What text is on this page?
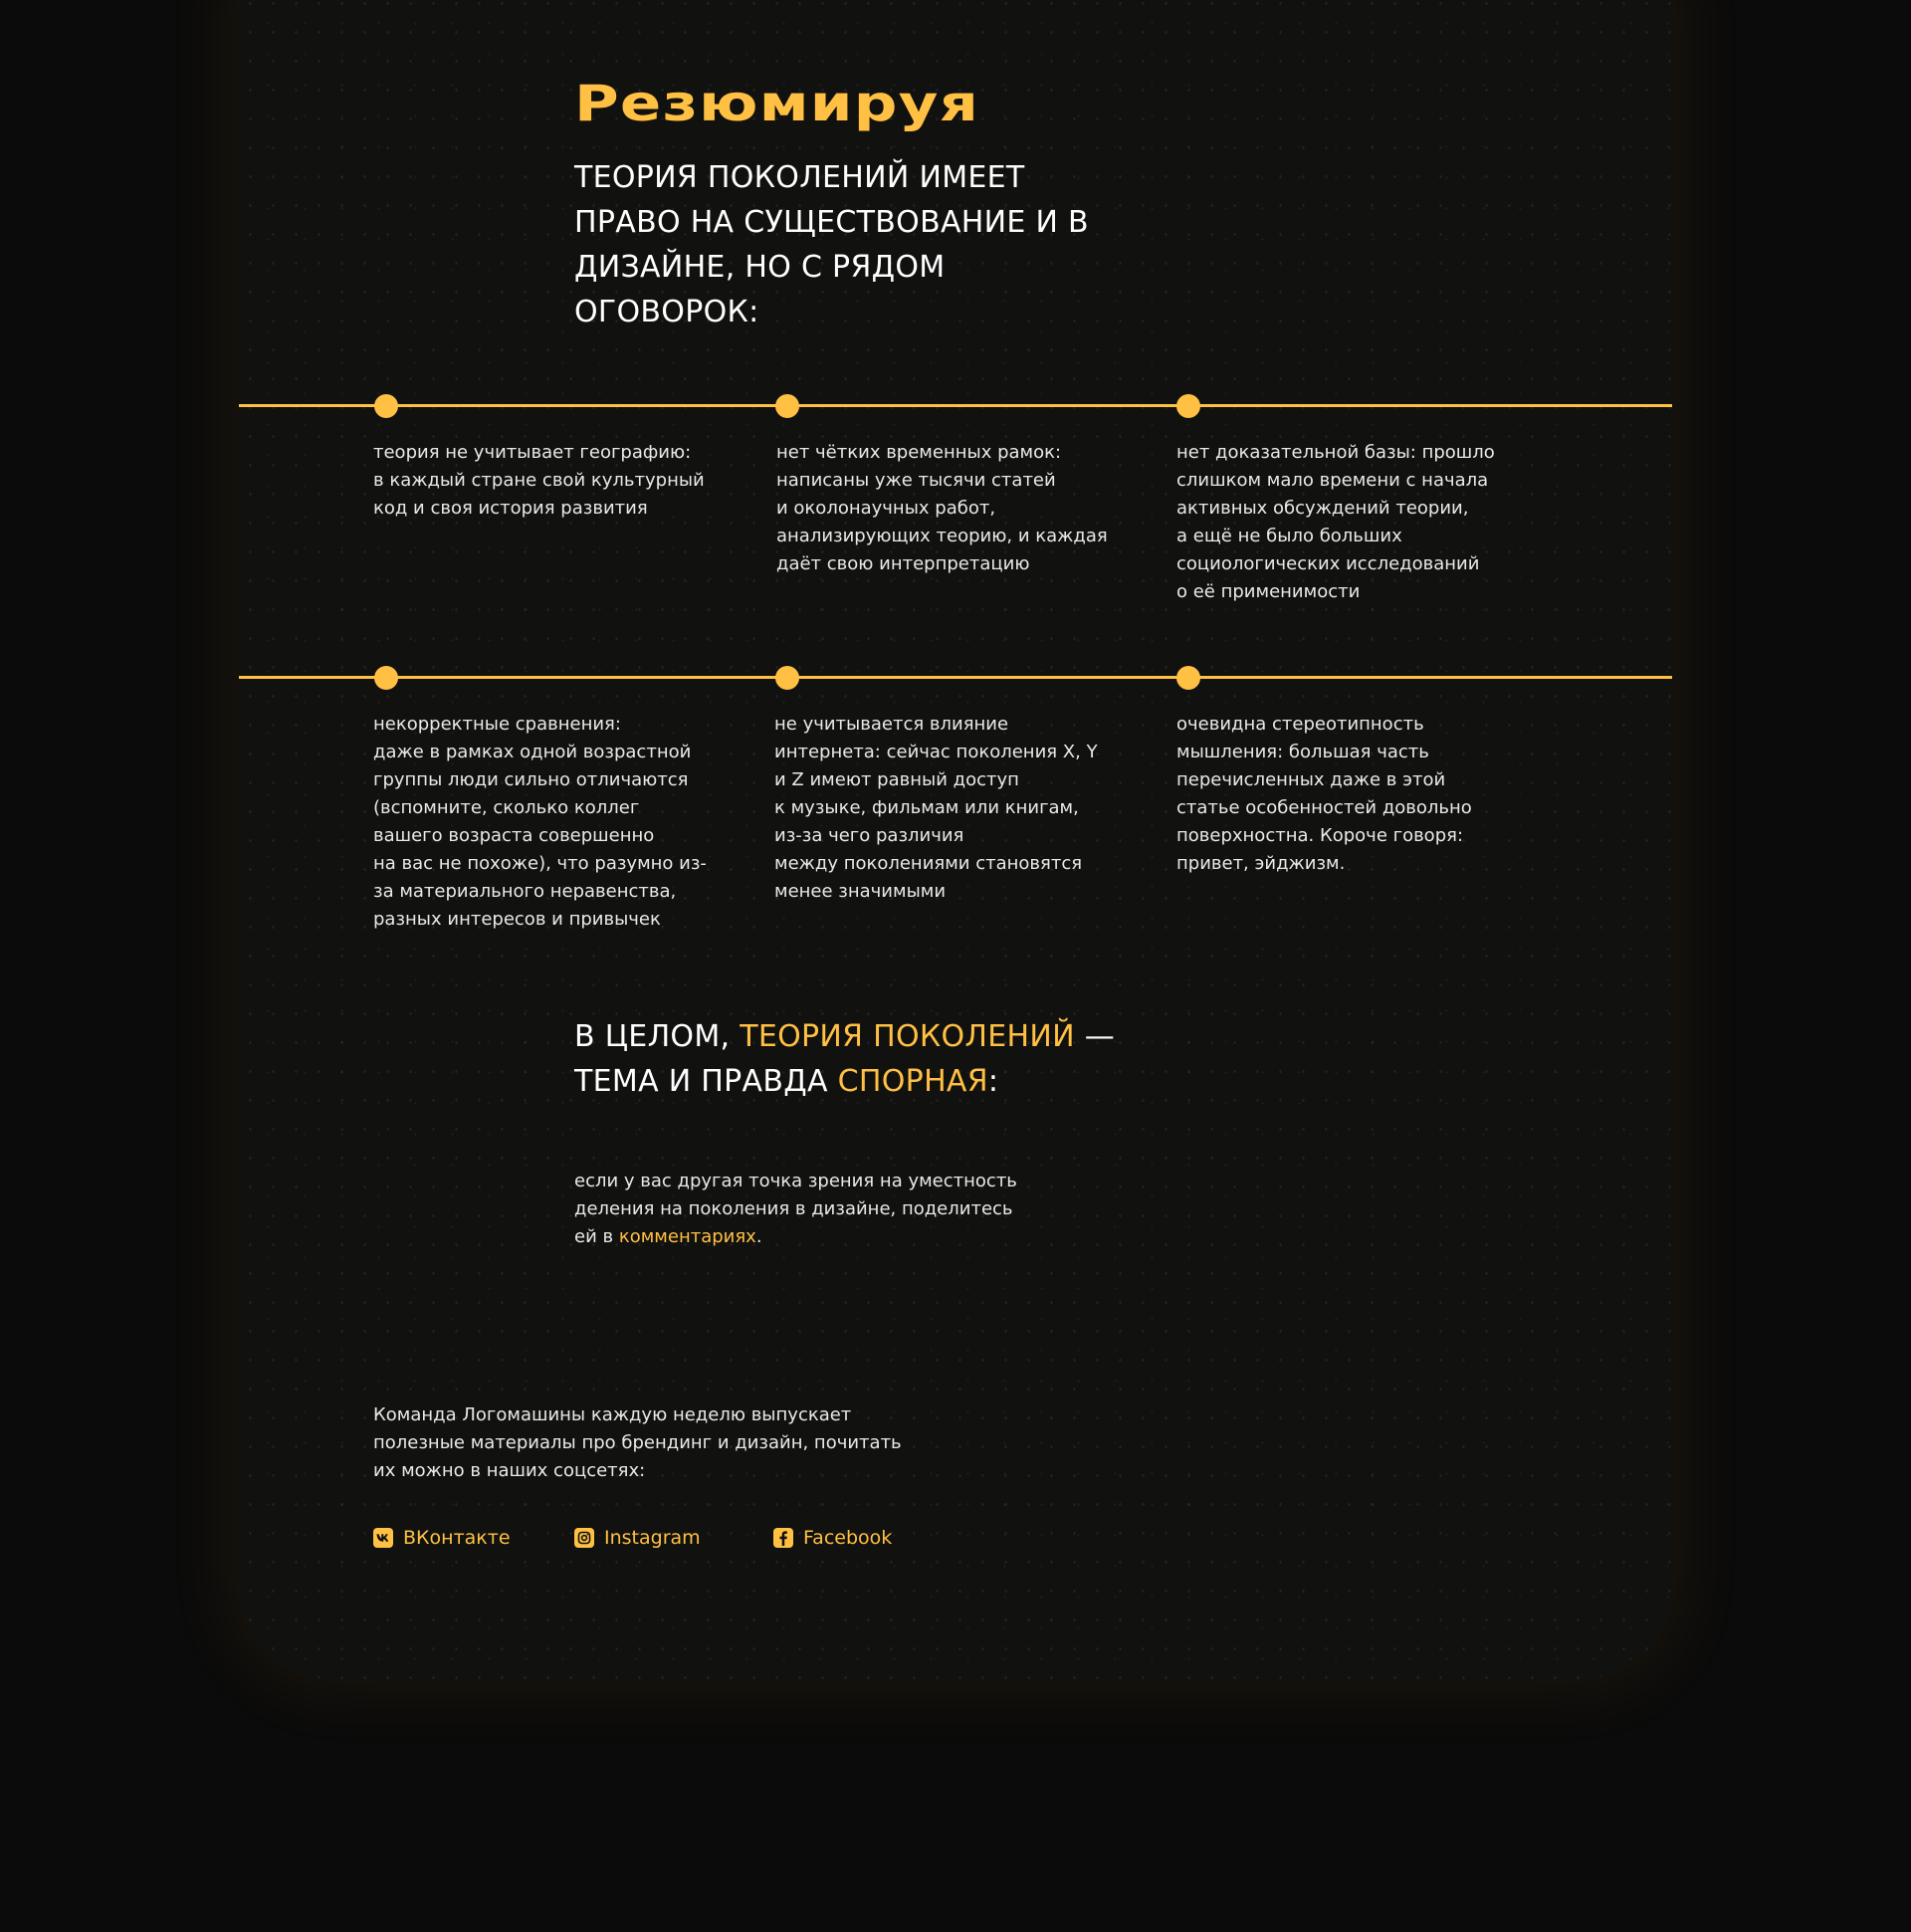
Резюмируя
ТЕОРИЯ ПОКОЛЕНИЙ ИМЕЕТ ПРАВО НА СУЩЕСТВОВАНИЕ И В ДИЗАЙНЕ, НО С РЯДОМ ОГОВОРОК:

теория не учитывает географию:
в каждый стране свой культурный
код и своя история развития

нет чётких временных рамок:
написаны уже тысячи статей
и околонаучных работ,
анализирующих теорию, и каждая
даёт свою интерпретацию

нет доказательной базы: прошло
слишком мало времени с начала
активных обсуждений теории,
а ещё не было больших
социологических исследований
о её применимости

некорректные сравнения:
даже в рамках одной возрастной
группы люди сильно отличаются
(вспомните, сколько коллег
вашего возраста совершенно
на вас не похоже), что разумно из-
за материального неравенства,
разных интересов и привычек

не учитывается влияние
интернета: сейчас поколения X, Y
и Z имеют равный доступ
к музыке, фильмам или книгам,
из-за чего различия
между поколениями становятся
менее значимыми

очевидна стереотипность
мышления: большая часть
перечисленных даже в этой
статье особенностей довольно
поверхностна. Короче говоря:
привет, эйджизм.

В ЦЕЛОМ, ТЕОРИЯ ПОКОЛЕНИЙ — ТЕМА И ПРАВДА СПОРНАЯ:

если у вас другая точка зрения на уместность
деления на поколения в дизайне, поделитесь
ей в комментариях.

Команда Логомашины каждую неделю выпускает
полезные материалы про брендинг и дизайн, почитать
их можно в наших соцсетях:

ВКонтакте	Instagram	Facebook
